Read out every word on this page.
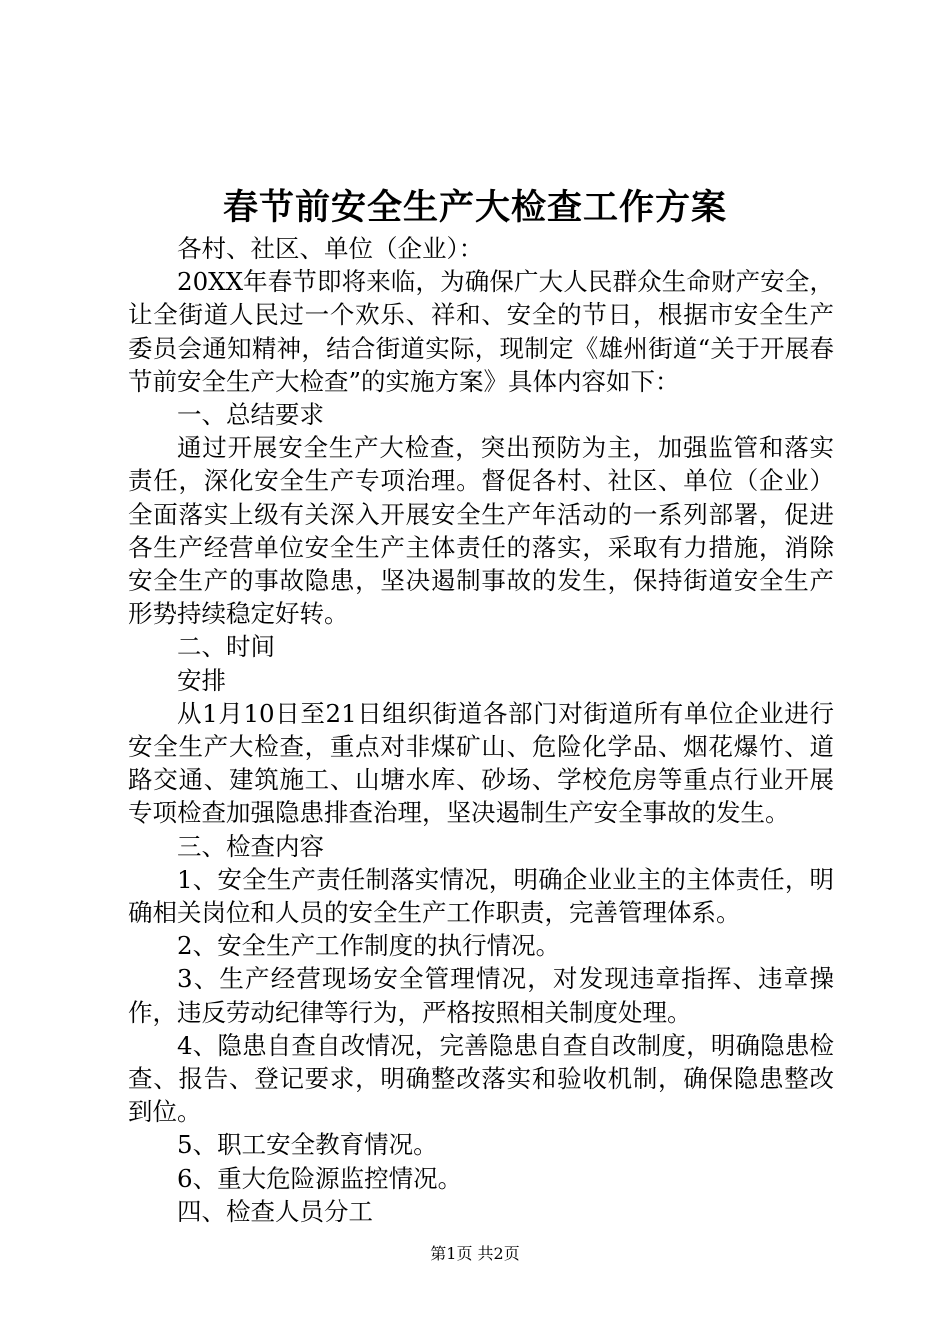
春节前安全生产大检查工作方案

各村、社区、单位（企业）：

20XX年春节即将来临，为确保广大人民群众生命财产安全，让全街道人民过一个欢乐、祥和、安全的节日，根据市安全生产委员会通知精神，结合街道实际，现制定《雄州街道“关于开展春节前安全生产大检查”的实施方案》具体内容如下：

一、总结要求

通过开展安全生产大检查，突出预防为主，加强监管和落实责任，深化安全生产专项治理。督促各村、社区、单位（企业）全面落实上级有关深入开展安全生产年活动的一系列部署，促进各生产经营单位安全生产主体责任的落实，采取有力措施，消除安全生产的事故隐患，坚决遏制事故的发生，保持街道安全生产形势持续稳定好转。

二、时间

安排

从1月10日至21日组织街道各部门对街道所有单位企业进行安全生产大检查，重点对非煤矿山、危险化学品、烟花爆竹、道路交通、建筑施工、山塘水库、砂场、学校危房等重点行业开展专项检查加强隐患排查治理，坚决遏制生产安全事故的发生。

三、检查内容

1、安全生产责任制落实情况，明确企业业主的主体责任，明确相关岗位和人员的安全生产工作职责，完善管理体系。

2、安全生产工作制度的执行情况。

3、生产经营现场安全管理情况，对发现违章指挥、违章操作，违反劳动纪律等行为，严格按照相关制度处理。

4、隐患自查自改情况，完善隐患自查自改制度，明确隐患检查、报告、登记要求，明确整改落实和验收机制，确保隐患整改到位。

5、职工安全教育情况。

6、重大危险源监控情况。

四、检查人员分工

第1页 共2页
